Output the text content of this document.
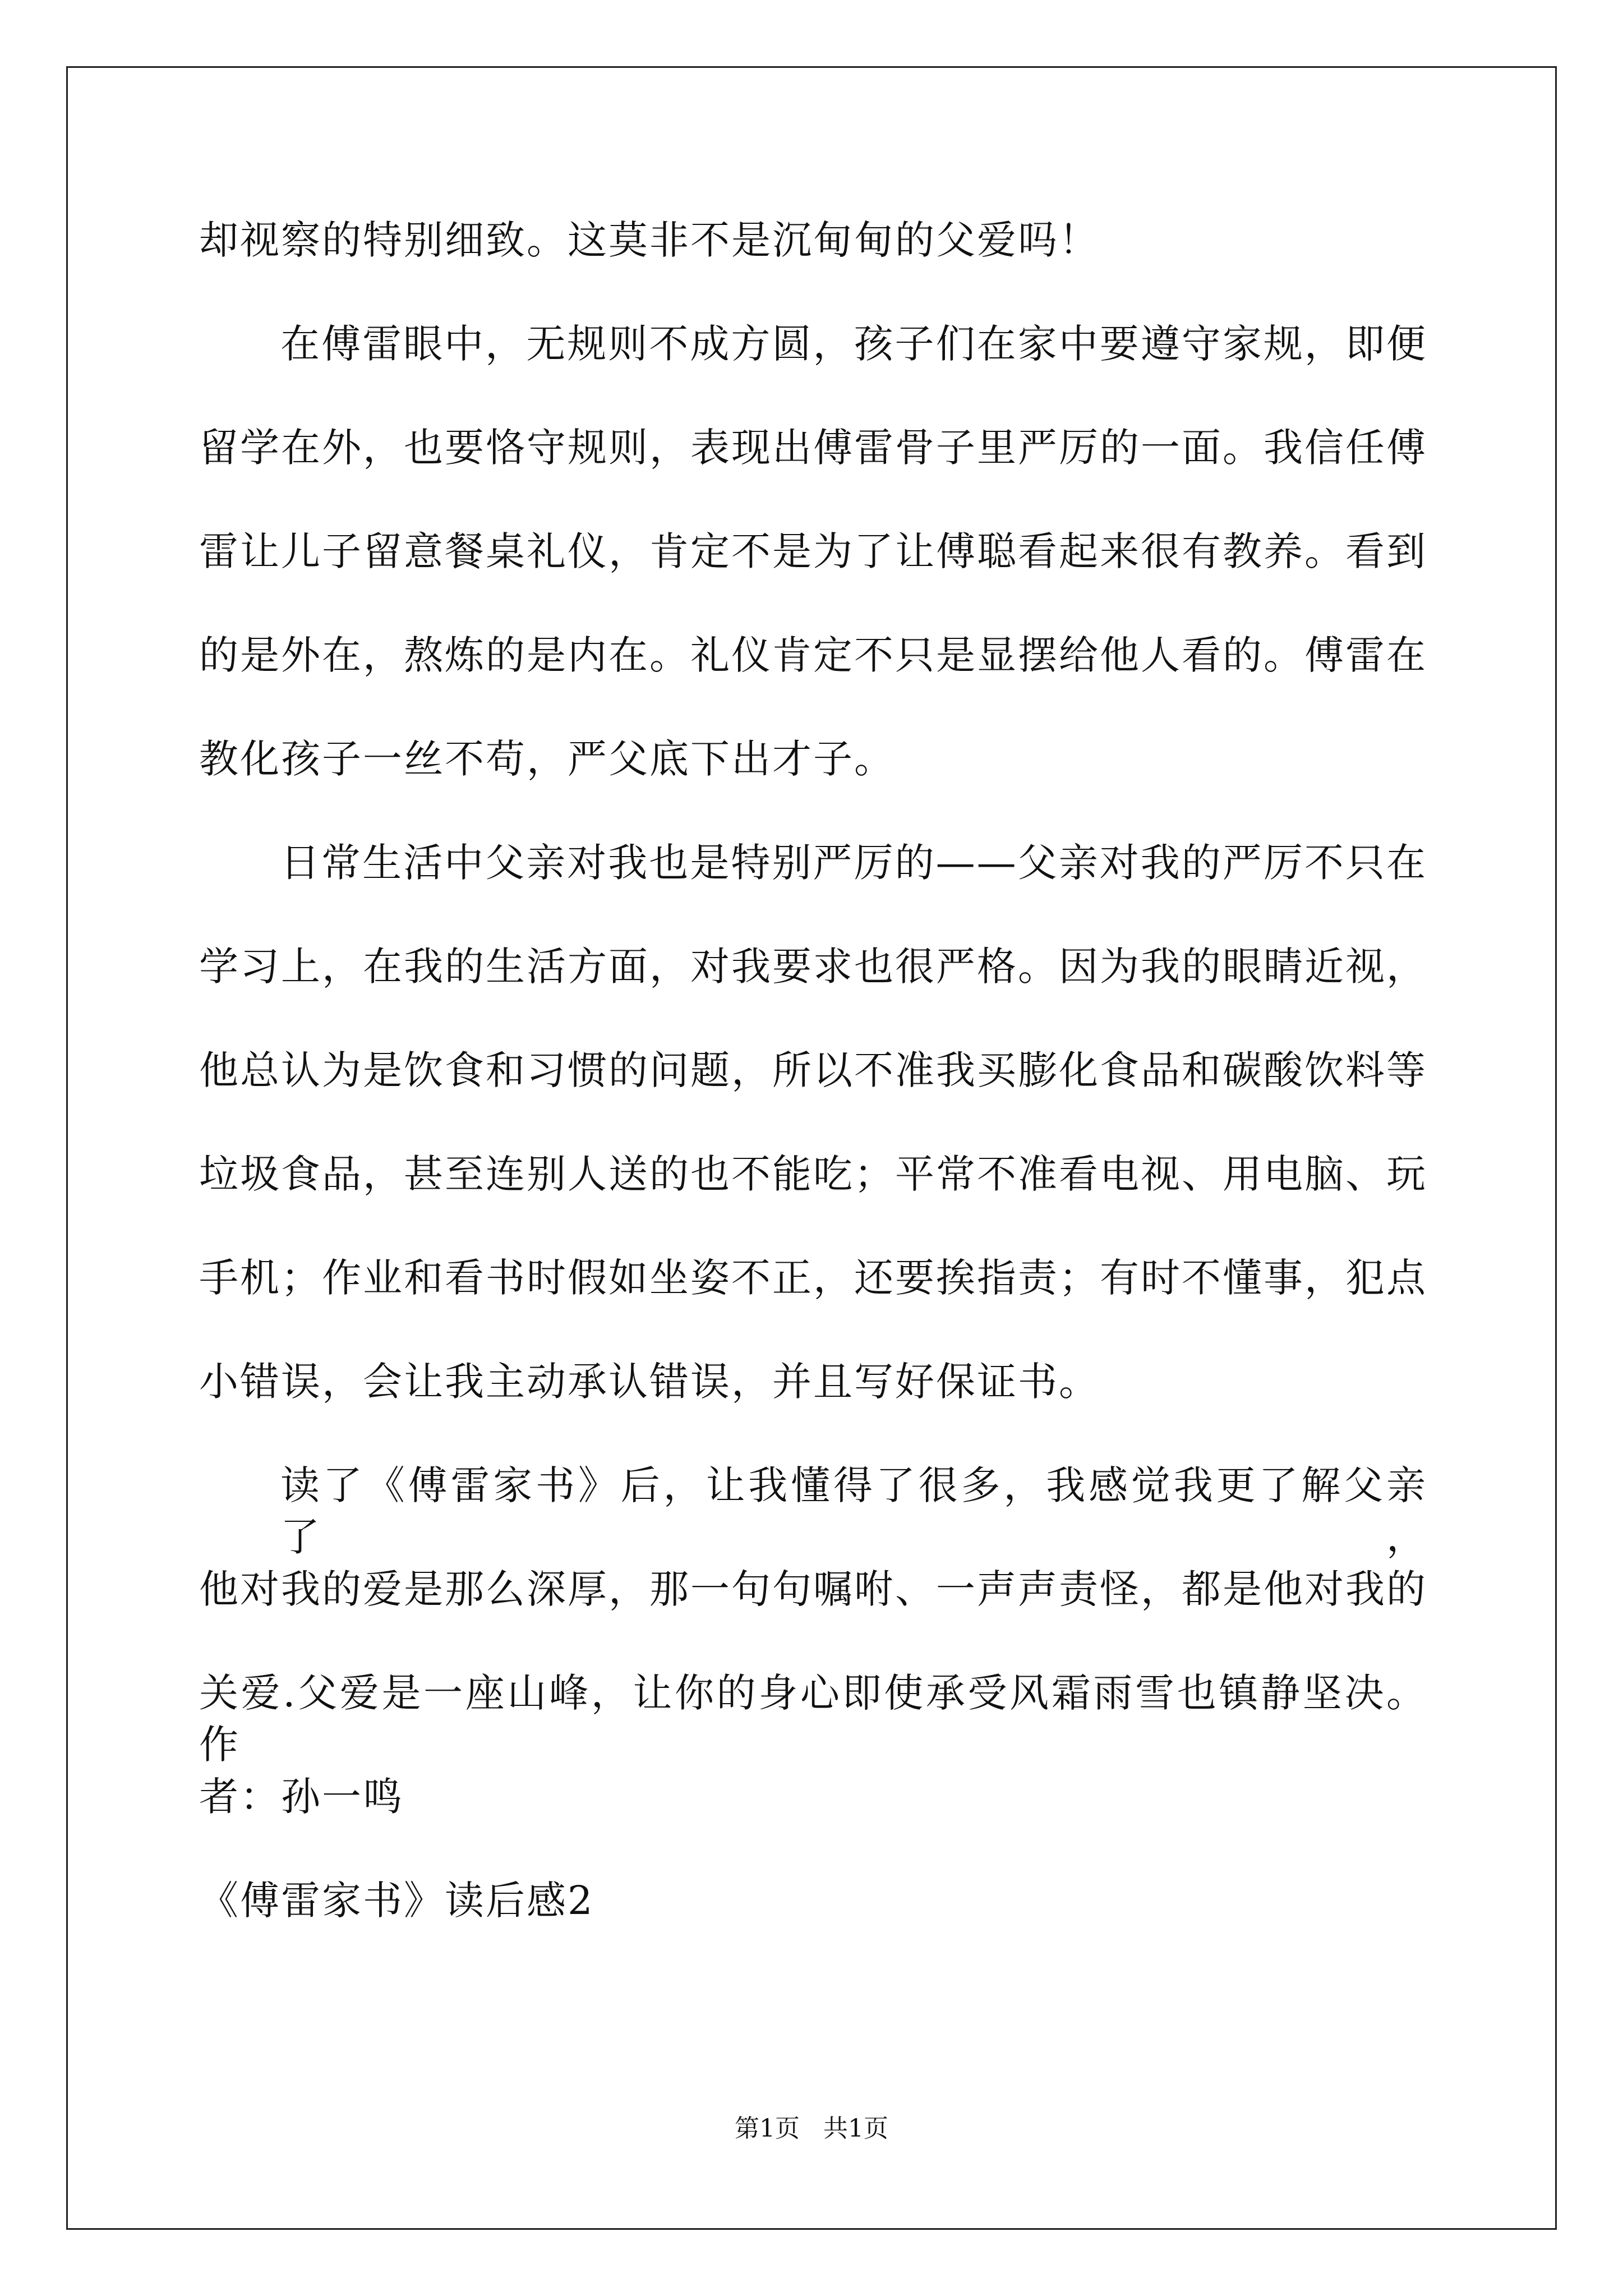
却视察的特别细致。这莫非不是沉甸甸的父爱吗！
在傅雷眼中，无规则不成方圆，孩子们在家中要遵守家规，即便
留学在外，也要恪守规则，表现出傅雷骨子里严厉的一面。我信任傅
雷让儿子留意餐桌礼仪，肯定不是为了让傅聪看起来很有教养。看到
的是外在，熬炼的是内在。礼仪肯定不只是显摆给他人看的。傅雷在
教化孩子一丝不苟，严父底下出才子。
日常生活中父亲对我也是特别严厉的——父亲对我的严厉不只在
学习上，在我的生活方面，对我要求也很严格。因为我的眼睛近视，
他总认为是饮食和习惯的问题，所以不准我买膨化食品和碳酸饮料等
垃圾食品，甚至连别人送的也不能吃；平常不准看电视、用电脑、玩
手机；作业和看书时假如坐姿不正，还要挨指责；有时不懂事，犯点
小错误，会让我主动承认错误，并且写好保证书。
读了《傅雷家书》后，让我懂得了很多，我感觉我更了解父亲了，
他对我的爱是那么深厚，那一句句嘱咐、一声声责怪，都是他对我的
关爱.父爱是一座山峰，让你的身心即使承受风霜雨雪也镇静坚决。作
者：孙一鸣
《傅雷家书》读后感2
第1页   共1页
